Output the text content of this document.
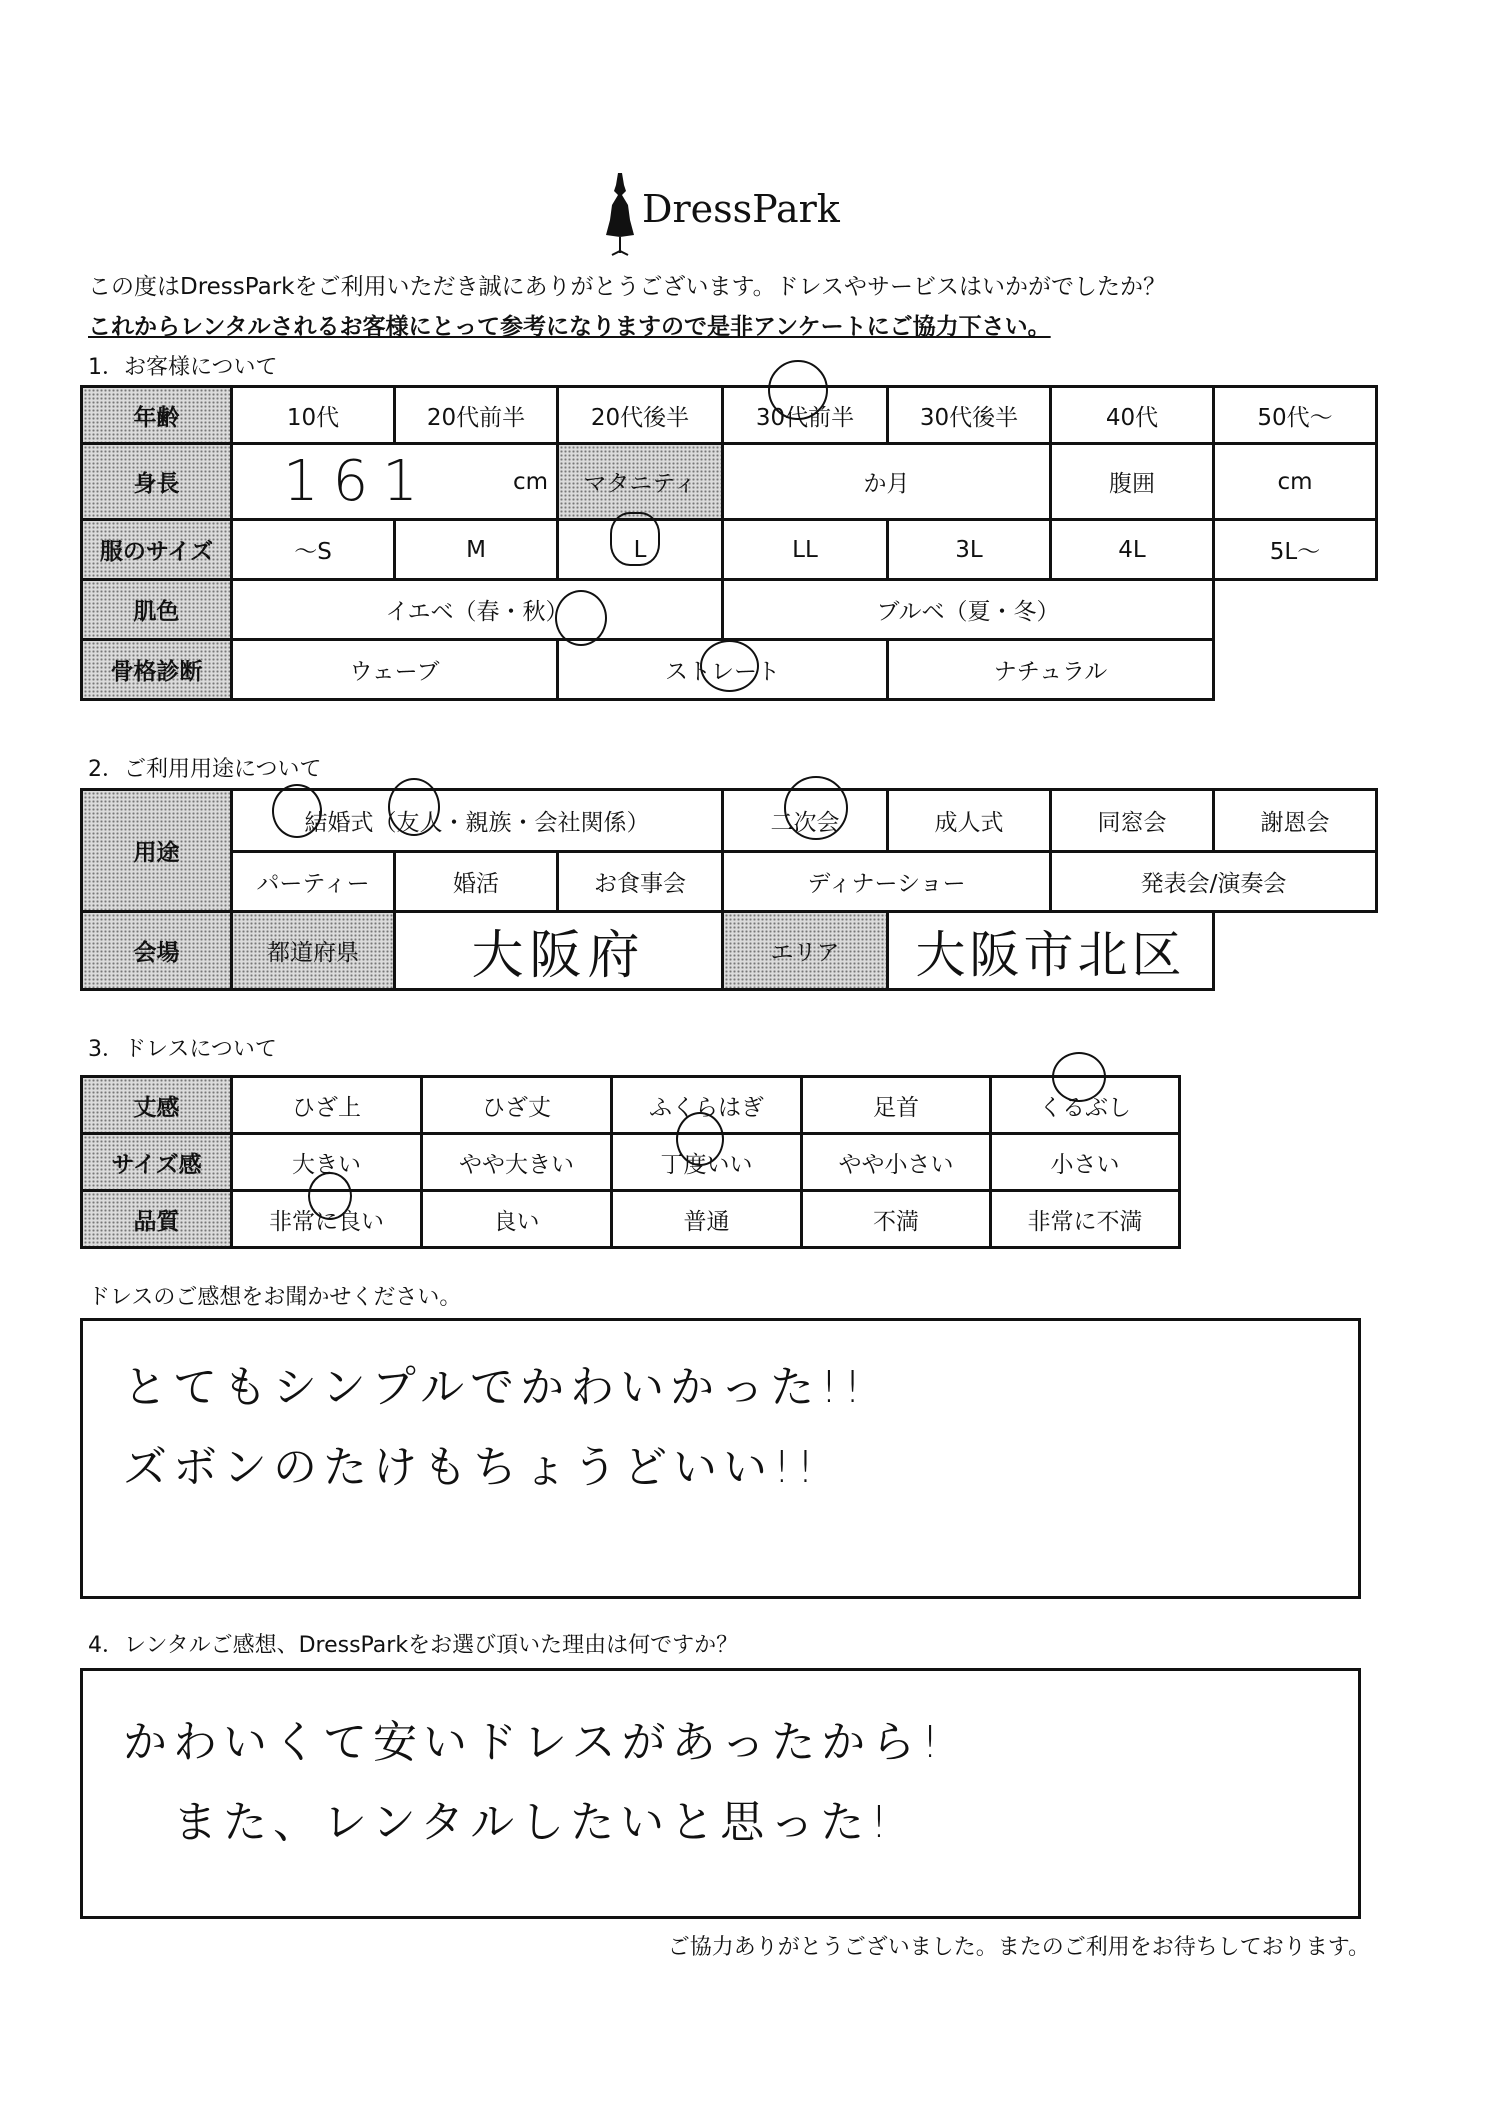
DressPark
この度はDressParkをご利用いただき誠にありがとうございます。ドレスやサービスはいかがでしたか？
これからレンタルされるお客様にとって参考になりますので是非アンケートにご協力下さい。
1．お客様について
年齢	10代	20代前半	20代後半	30代前半	30代後半	40代	50代～
身長	161 cm		マタニティ	か月		腹囲	cm
服のサイズ	～S	M	L	LL	3L	4L	5L～
肌色	イエベ（春・秋）			ブルベ（夏・冬）			
骨格診断	ウェーブ		ストレート		ナチュラル		
2．ご利用用途について
用途	結婚式（友人・親族・会社関係）			二次会	成人式	同窓会	謝恩会
	パーティー	婚活	お食事会	ディナーショー		発表会/演奏会	
会場	都道府県	大阪府		エリア	大阪市北区		
3．ドレスについて
丈感	ひざ上	ひざ丈	ふくらはぎ	足首	くるぶし
サイズ感	大きい	やや大きい	丁度いい	やや小さい	小さい
品質	非常に良い	良い	普通	不満	非常に不満
ドレスのご感想をお聞かせください。
とてもシンプルでかわいかった!!
ズボンのたけもちょうどいい!!
4．レンタルご感想、DressParkをお選び頂いた理由は何ですか？
かわいくて安いドレスがあったから!
また、レンタルしたいと思った!
ご協力ありがとうございました。またのご利用をお待ちしております。
